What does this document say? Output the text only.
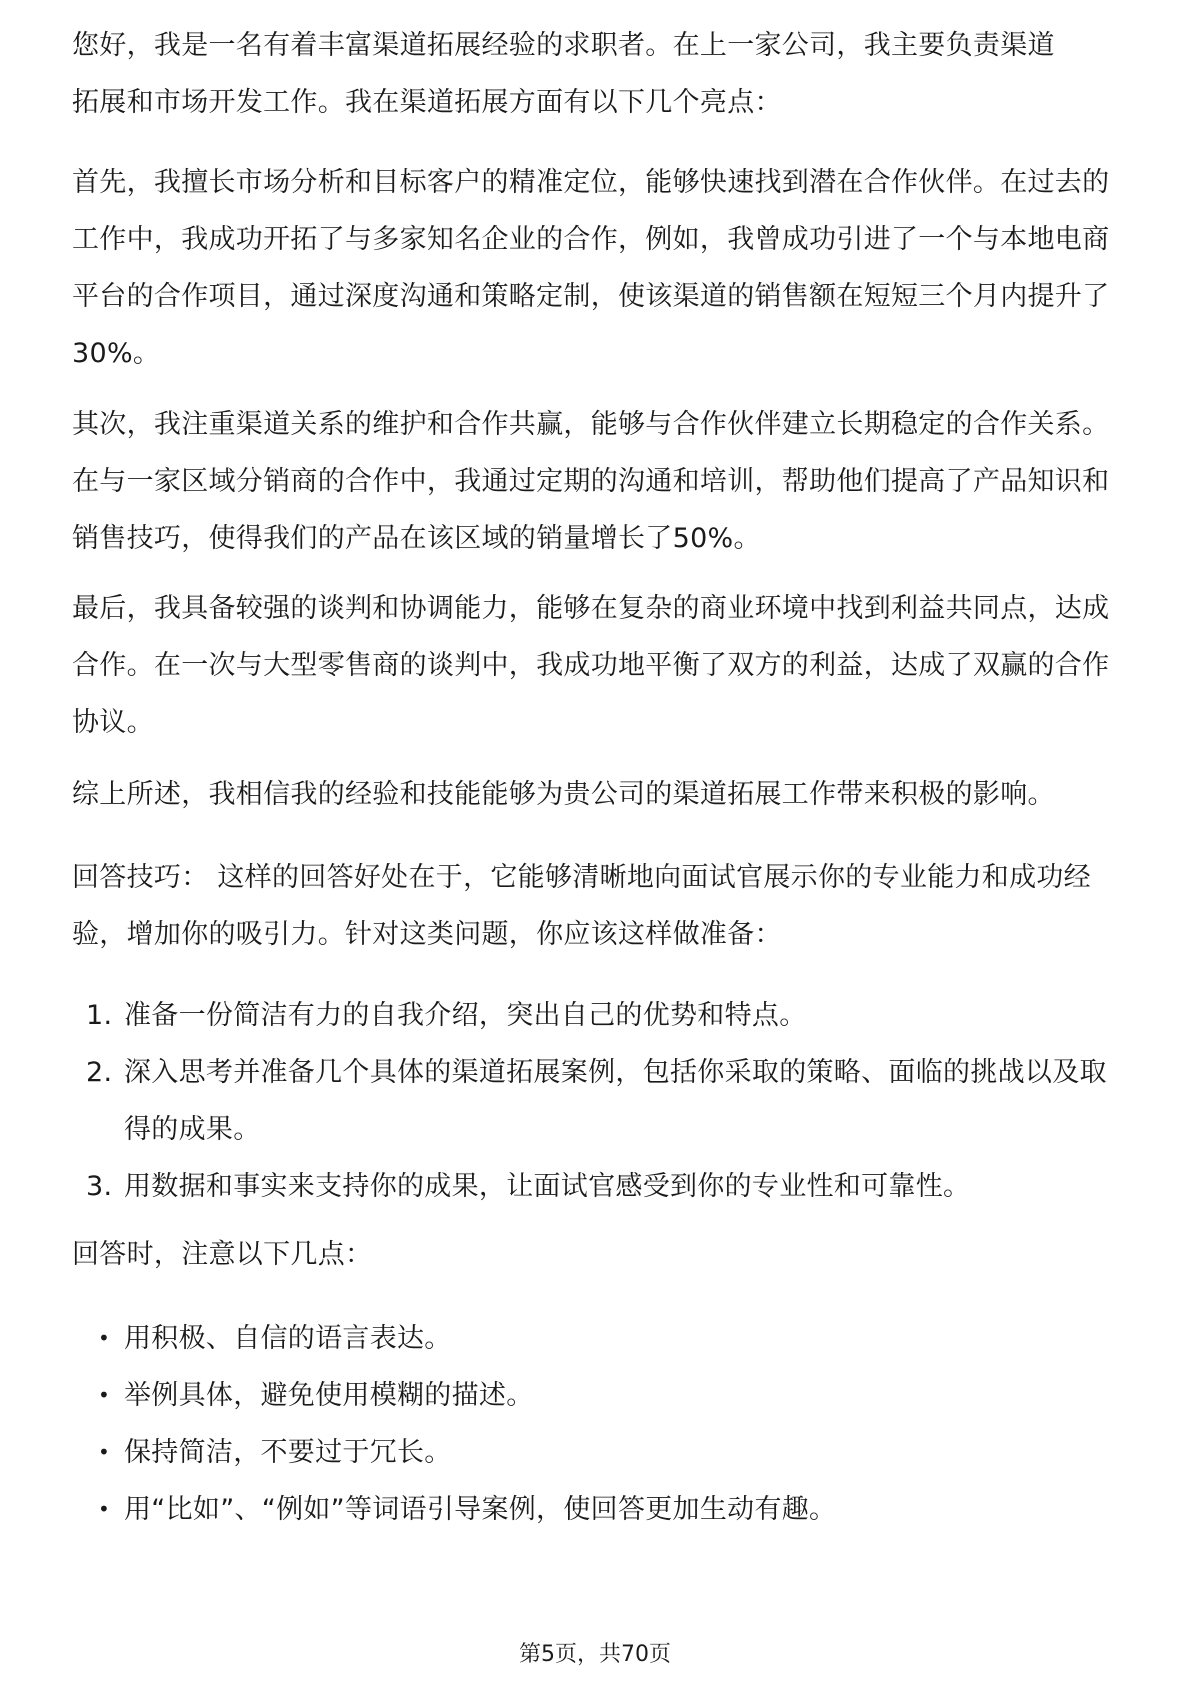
您好，我是一名有着丰富渠道拓展经验的求职者。在上一家公司，我主要负责渠道

拓展和市场开发工作。我在渠道拓展方面有以下几个亮点：

首先，我擅长市场分析和目标客户的精准定位，能够快速找到潜在合作伙伴。在过去的工作中，我成功开拓了与多家知名企业的合作，例如，我曾成功引进了一个与本地电商平台的合作项目，通过深度沟通和策略定制，使该渠道的销售额在短短三个月内提升了30%。

其次，我注重渠道关系的维护和合作共赢，能够与合作伙伴建立长期稳定的合作关系。在与一家区域分销商的合作中，我通过定期的沟通和培训，帮助他们提高了产品知识和销售技巧，使得我们的产品在该区域的销量增长了50%。

最后，我具备较强的谈判和协调能力，能够在复杂的商业环境中找到利益共同点，达成合作。在一次与大型零售商的谈判中，我成功地平衡了双方的利益，达成了双赢的合作协议。

综上所述，我相信我的经验和技能能够为贵公司的渠道拓展工作带来积极的影响。

回答技巧： 这样的回答好处在于，它能够清晰地向面试官展示你的专业能力和成功经验，增加你的吸引力。针对这类问题，你应该这样做准备：

1. 准备一份简洁有力的自我介绍，突出自己的优势和特点。
2. 深入思考并准备几个具体的渠道拓展案例，包括你采取的策略、面临的挑战以及取得的成果。
3. 用数据和事实来支持你的成果，让面试官感受到你的专业性和可靠性。

回答时，注意以下几点：

• 用积极、自信的语言表达。
• 举例具体，避免使用模糊的描述。
• 保持简洁，不要过于冗长。
• 用“比如”、“例如”等词语引导案例，使回答更加生动有趣。
第5页，共70页
